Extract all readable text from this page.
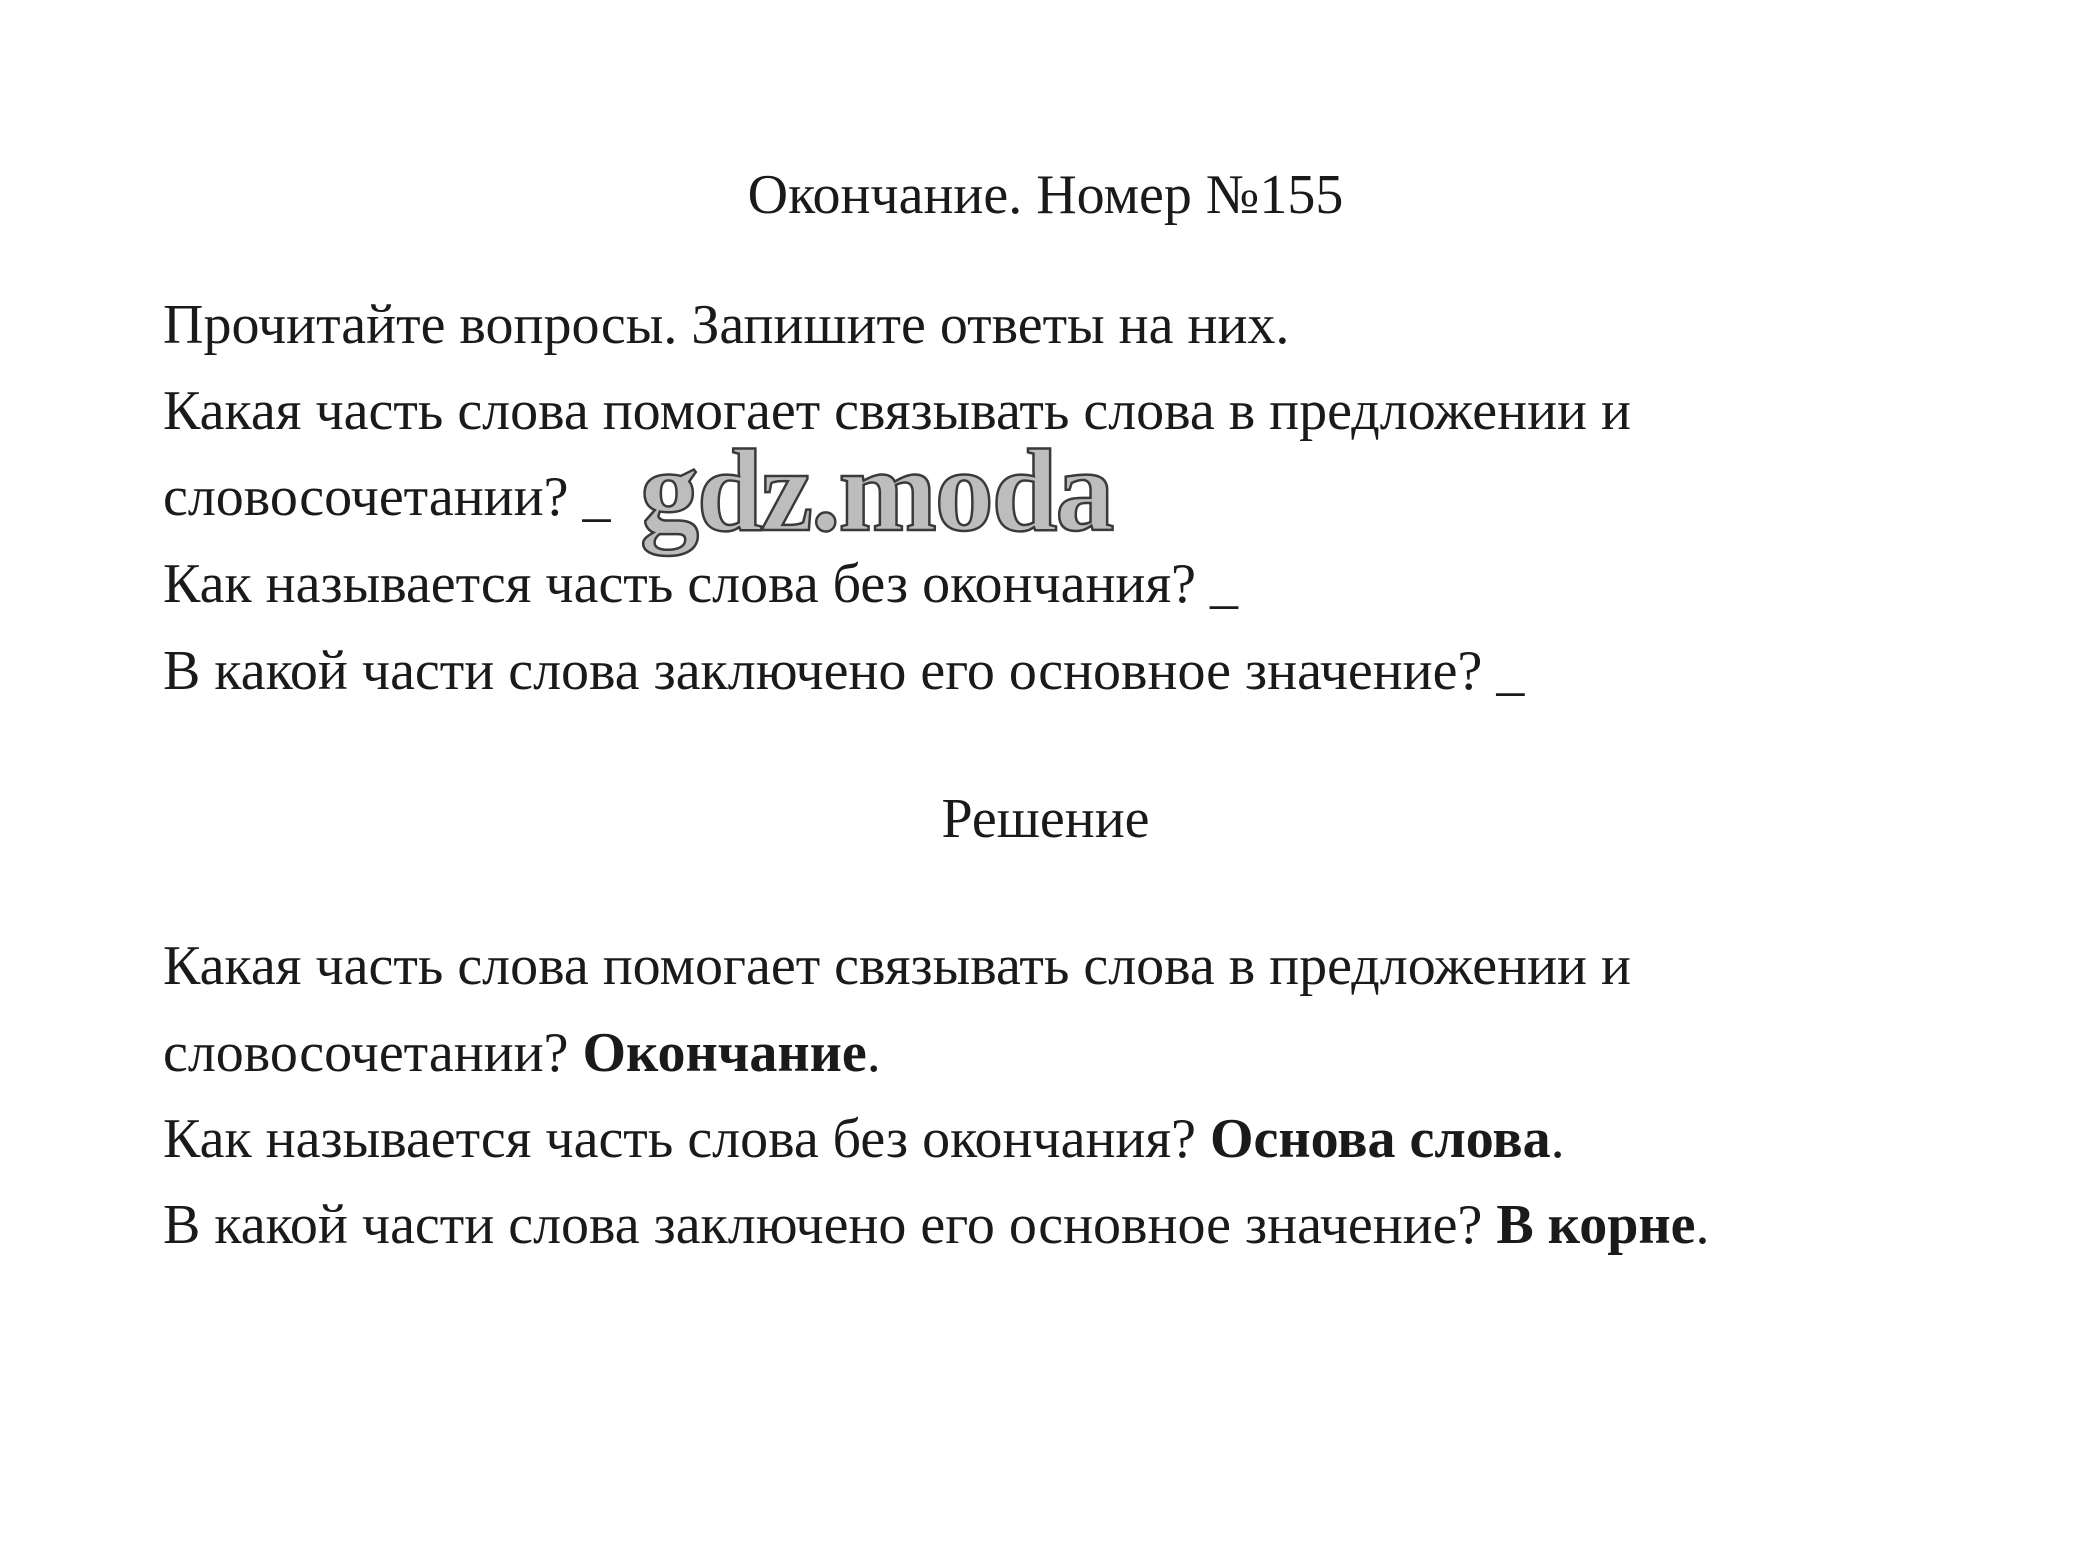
Окончание. Номер №155
Прочитайте вопросы. Запишите ответы на них.
Какая часть слова помогает связывать слова в предложении и
словосочетании? _
Как называется часть слова без окончания? _
В какой части слова заключено его основное значение? _
gdz.moda
Решение
Какая часть слова помогает связывать слова в предложении и
словосочетании? Окончание.
Как называется часть слова без окончания? Основа слова.
В какой части слова заключено его основное значение? В корне.
